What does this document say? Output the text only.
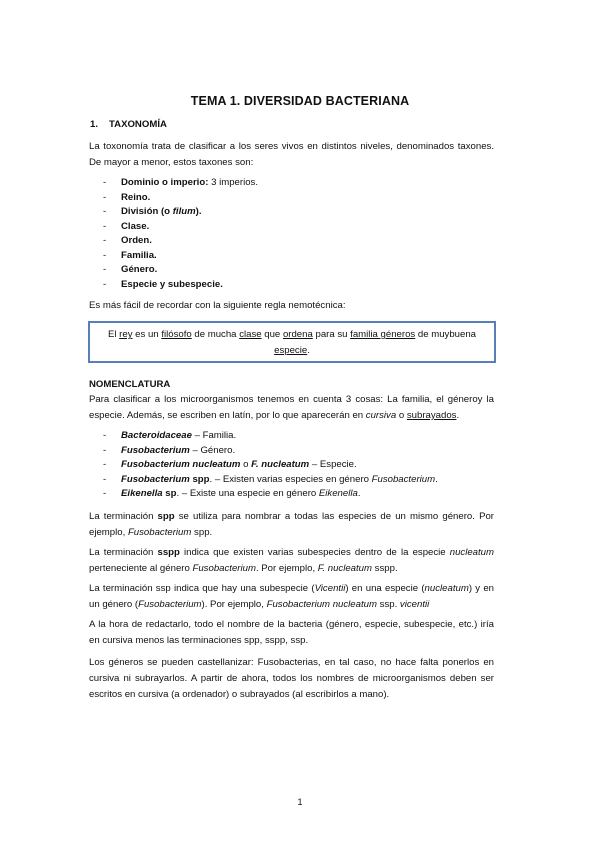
TEMA 1. DIVERSIDAD BACTERIANA
1. TAXONOMÍA
La toxonomía trata de clasificar a los seres vivos en distintos niveles, denominados taxones. De mayor a menor, estos taxones son:
- Dominio o imperio: 3 imperios.
- Reino.
- División (o filum).
- Clase.
- Orden.
- Familia.
- Género.
- Especie y subespecie.
Es más fácil de recordar con la siguiente regla nemotécnica:
El rey es un filósofo de mucha clase que ordena para su familia géneros de muybuena
especie.
NOMENCLATURA
Para clasificar a los microorganismos tenemos en cuenta 3 cosas: La familia, el géneroy la especie. Además, se escriben en latín, por lo que aparecerán en cursiva o subrayados.
- Bacteroidaceae – Familia.
- Fusobacterium – Género.
- Fusobacterium nucleatum o F. nucleatum – Especie.
- Fusobacterium spp. – Existen varias especies en género Fusobacterium.
- Eikenella sp. – Existe una especie en género Eikenella.
La terminación spp se utiliza para nombrar a todas las especies de un mismo género. Por ejemplo, Fusobacterium spp.
La terminación sspp indica que existen varias subespecies dentro de la especie nucleatum perteneciente al género Fusobacterium. Por ejemplo, F. nucleatum sspp.
La terminación ssp indica que hay una subespecie (Vicentii) en una especie (nucleatum) y en un género (Fusobacterium). Por ejemplo, Fusobacterium nucleatum ssp. vicentii
A la hora de redactarlo, todo el nombre de la bacteria (género, especie, subespecie, etc.) iría en cursiva menos las terminaciones spp, sspp, ssp.
Los géneros se pueden castellanizar: Fusobacterias, en tal caso, no hace falta ponerlos en cursiva ni subrayarlos. A partir de ahora, todos los nombres de microorganismos deben ser escritos en cursiva (a ordenador) o subrayados (al escribirlos a mano).
1
